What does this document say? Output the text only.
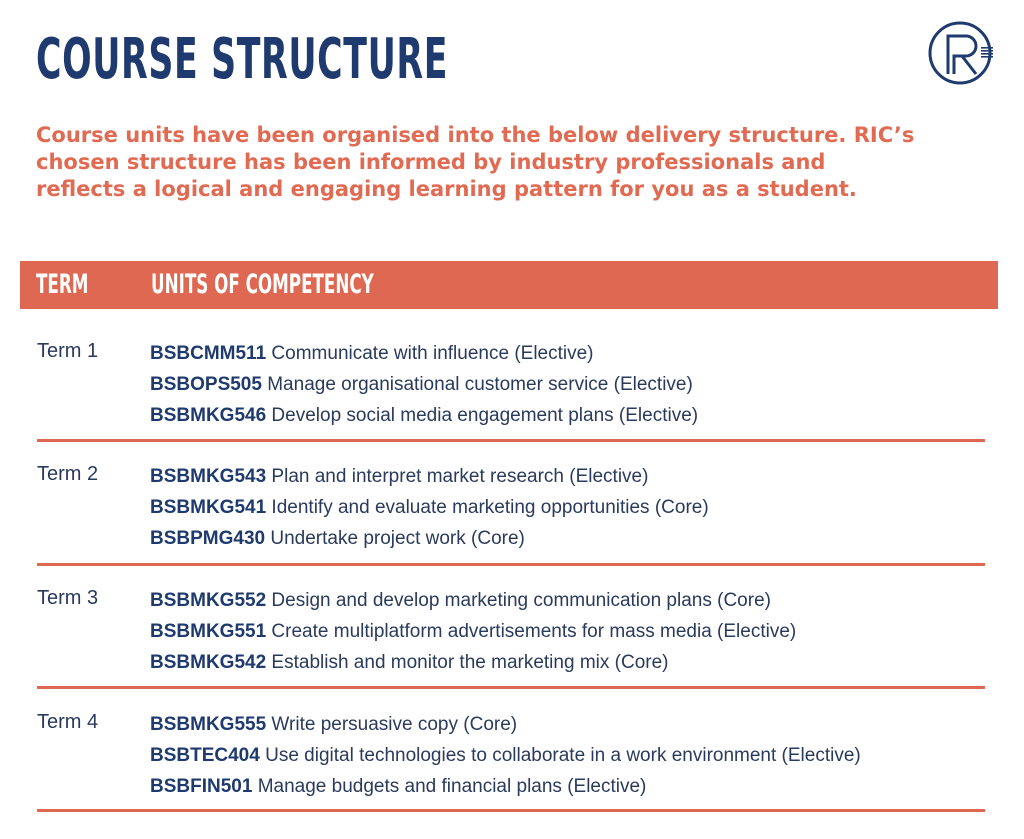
COURSE STRUCTURE
Course units have been organised into the below delivery structure. RIC’s chosen structure has been informed by industry professionals and reflects a logical and engaging learning pattern for you as a student.
TERM UNITS OF COMPETENCY
Term 1	BSBCMM511 Communicate with influence (Elective)
BSBOPS505 Manage organisational customer service (Elective)
BSBMKG546 Develop social media engagement plans (Elective)
Term 2	BSBMKG543 Plan and interpret market research (Elective)
BSBMKG541 Identify and evaluate marketing opportunities (Core)
BSBPMG430 Undertake project work (Core)
Term 3	BSBMKG552 Design and develop marketing communication plans (Core)
BSBMKG551 Create multiplatform advertisements for mass media (Elective)
BSBMKG542 Establish and monitor the marketing mix (Core)
Term 4	BSBMKG555 Write persuasive copy (Core)
BSBTEC404 Use digital technologies to collaborate in a work environment (Elective)
BSBFIN501 Manage budgets and financial plans (Elective)
